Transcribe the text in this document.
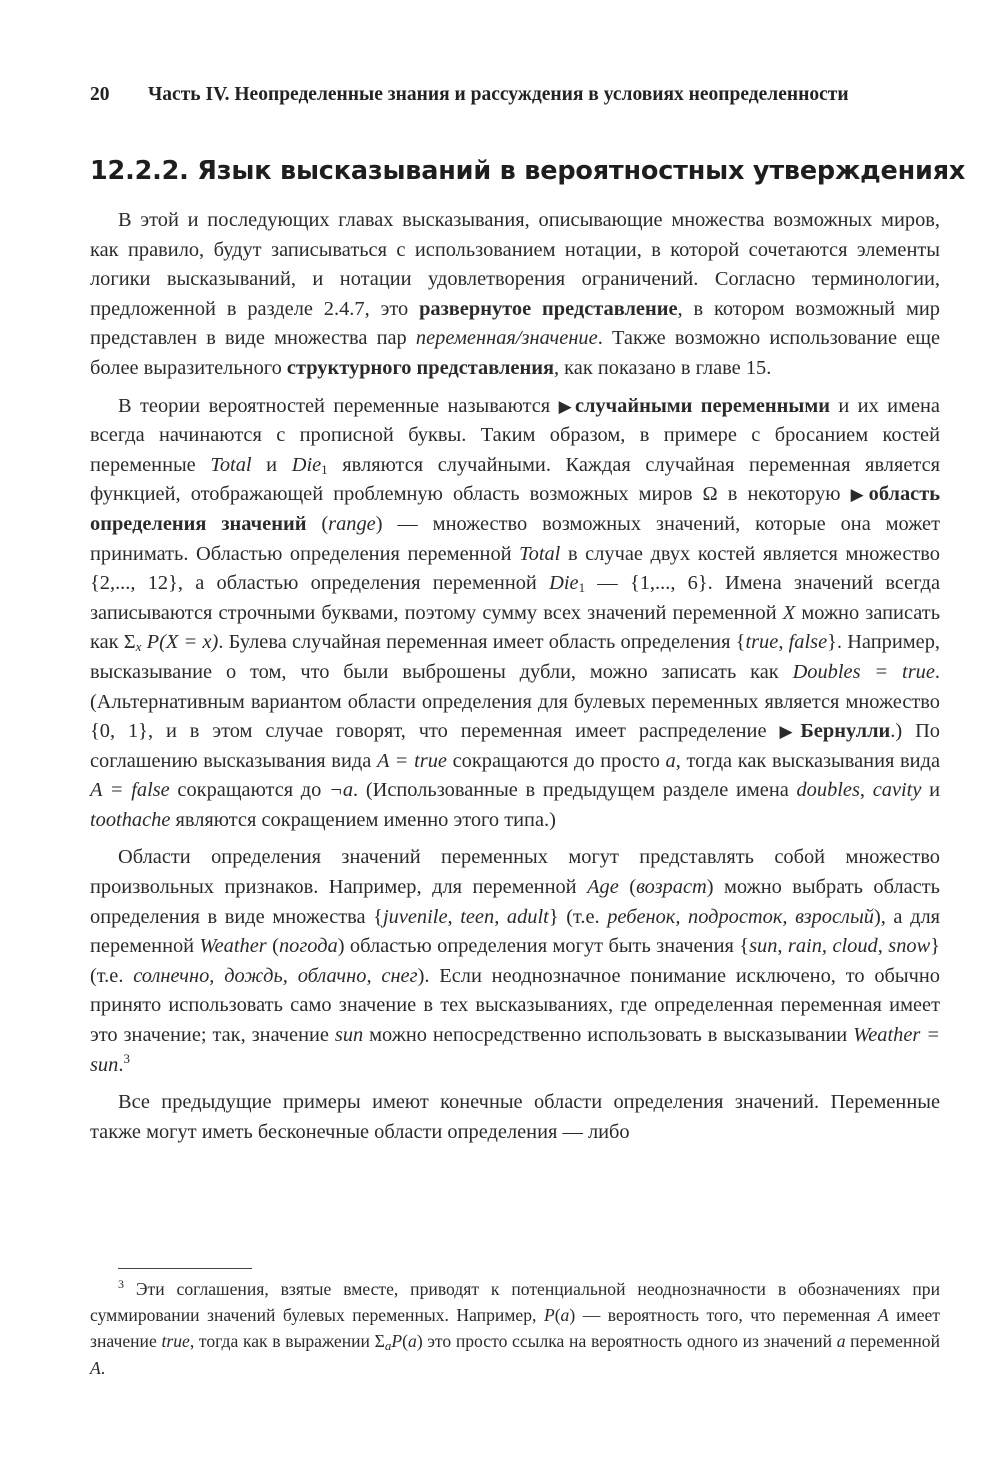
20 Часть IV. Неопределенные знания и рассуждения в условиях неопределенности
12.2.2. Язык высказываний в вероятностных утверждениях

В этой и последующих главах высказывания, описывающие множества возможных миров, как правило, будут записываться с использованием нотации, в которой сочетаются элементы логики высказываний, и нотации удовлетворения ограничений. Согласно терминологии, предложенной в разделе 2.4.7, это развернутое представление, в котором возможный мир представлен в виде множества пар переменная/значение. Также возможно использование еще более выразительного структурного представления, как показано в главе 15.

В теории вероятностей переменные называются ▶случайными переменными и их имена всегда начинаются с прописной буквы. Таким образом, в примере с бросанием костей переменные Total и Die$_1$ являются случайными. Каждая случайная переменная является функцией, отображающей проблемную область возможных миров Ω в некоторую ▶область определения значений (range) — множество возможных значений, которые она может принимать. Областью определения переменной Total в случае двух костей является множество {2,..., 12}, а областью определения переменной Die$_1$ — {1,..., 6}. Имена значений всегда записываются строчными буквами, поэтому сумму всех значений переменной X можно записать как $\Sigma_x$ P(X = x). Булева случайная переменная имеет область определения {true, false}. Например, высказывание о том, что были выброшены дубли, можно записать как Doubles = true. (Альтернативным вариантом области определения для булевых переменных является множество {0, 1}, и в этом случае говорят, что переменная имеет распределение ▶Бернулли.) По соглашению высказывания вида A = true сокращаются до просто a, тогда как высказывания вида A = false сокращаются до ¬a. (Использованные в предыдущем разделе имена doubles, cavity и toothache являются сокращением именно этого типа.)

Области определения значений переменных могут представлять собой множество произвольных признаков. Например, для переменной Age (возраст) можно выбрать область определения в виде множества {juvenile, teen, adult} (т.е. ребенок, подросток, взрослый), а для переменной Weather (погода) областью определения могут быть значения {sun, rain, cloud, snow} (т.е. солнечно, дождь, облачно, снег). Если неоднозначное понимание исключено, то обычно принято использовать само значение в тех высказываниях, где определенная переменная имеет это значение; так, значение sun можно непосредственно использовать в высказывании Weather = sun.$^3$

Все предыдущие примеры имеют конечные области определения значений. Переменные также могут иметь бесконечные области определения — либо

$^3$ Эти соглашения, взятые вместе, приводят к потенциальной неоднозначности в обозначениях при суммировании значений булевых переменных. Например, P(a) — вероятность того, что переменная A имеет значение true, тогда как в выражении $\Sigma_aP(a)$ это просто ссылка на вероятность одного из значений a переменной A.
